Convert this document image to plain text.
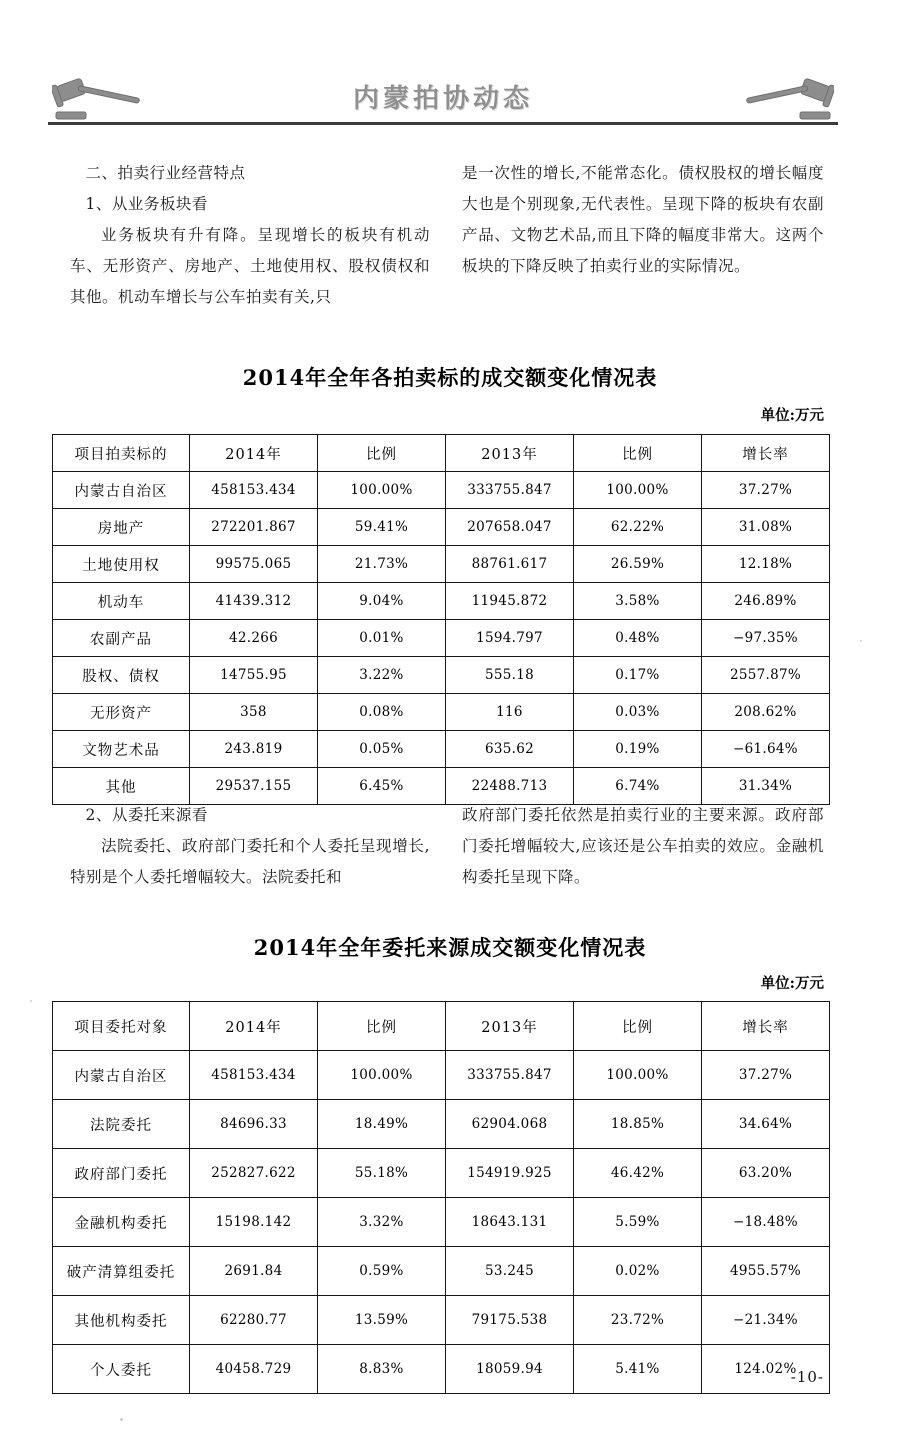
内蒙拍协动态
二、拍卖行业经营特点
1、从业务板块看
业务板块有升有降。呈现增长的板块有机动车、无形资产、房地产、土地使用权、股权债权和其他。机动车增长与公车拍卖有关,只
是一次性的增长,不能常态化。债权股权的增长幅度大也是个别现象,无代表性。呈现下降的板块有农副产品、文物艺术品,而且下降的幅度非常大。这两个板块的下降反映了拍卖行业的实际情况。
2014年全年各拍卖标的成交额变化情况表
单位:万元
项目拍卖标的	2014年	比例	2013年	比例	增长率
内蒙古自治区	458153.434	100.00%	333755.847	100.00%	37.27%
房地产	272201.867	59.41%	207658.047	62.22%	31.08%
土地使用权	99575.065	21.73%	88761.617	26.59%	12.18%
机动车	41439.312	9.04%	11945.872	3.58%	246.89%
农副产品	42.266	0.01%	1594.797	0.48%	−97.35%
股权、债权	14755.95	3.22%	555.18	0.17%	2557.87%
无形资产	358	0.08%	116	0.03%	208.62%
文物艺术品	243.819	0.05%	635.62	0.19%	−61.64%
其他	29537.155	6.45%	22488.713	6.74%	31.34%
2、从委托来源看
法院委托、政府部门委托和个人委托呈现增长,特别是个人委托增幅较大。法院委托和
政府部门委托依然是拍卖行业的主要来源。政府部门委托增幅较大,应该还是公车拍卖的效应。金融机构委托呈现下降。
2014年全年委托来源成交额变化情况表
单位:万元
项目委托对象	2014年	比例	2013年	比例	增长率
内蒙古自治区	458153.434	100.00%	333755.847	100.00%	37.27%
法院委托	84696.33	18.49%	62904.068	18.85%	34.64%
政府部门委托	252827.622	55.18%	154919.925	46.42%	63.20%
金融机构委托	15198.142	3.32%	18643.131	5.59%	−18.48%
破产清算组委托	2691.84	0.59%	53.245	0.02%	4955.57%
其他机构委托	62280.77	13.59%	79175.538	23.72%	−21.34%
个人委托	40458.729	8.83%	18059.94	5.41%	124.02%
-10-
